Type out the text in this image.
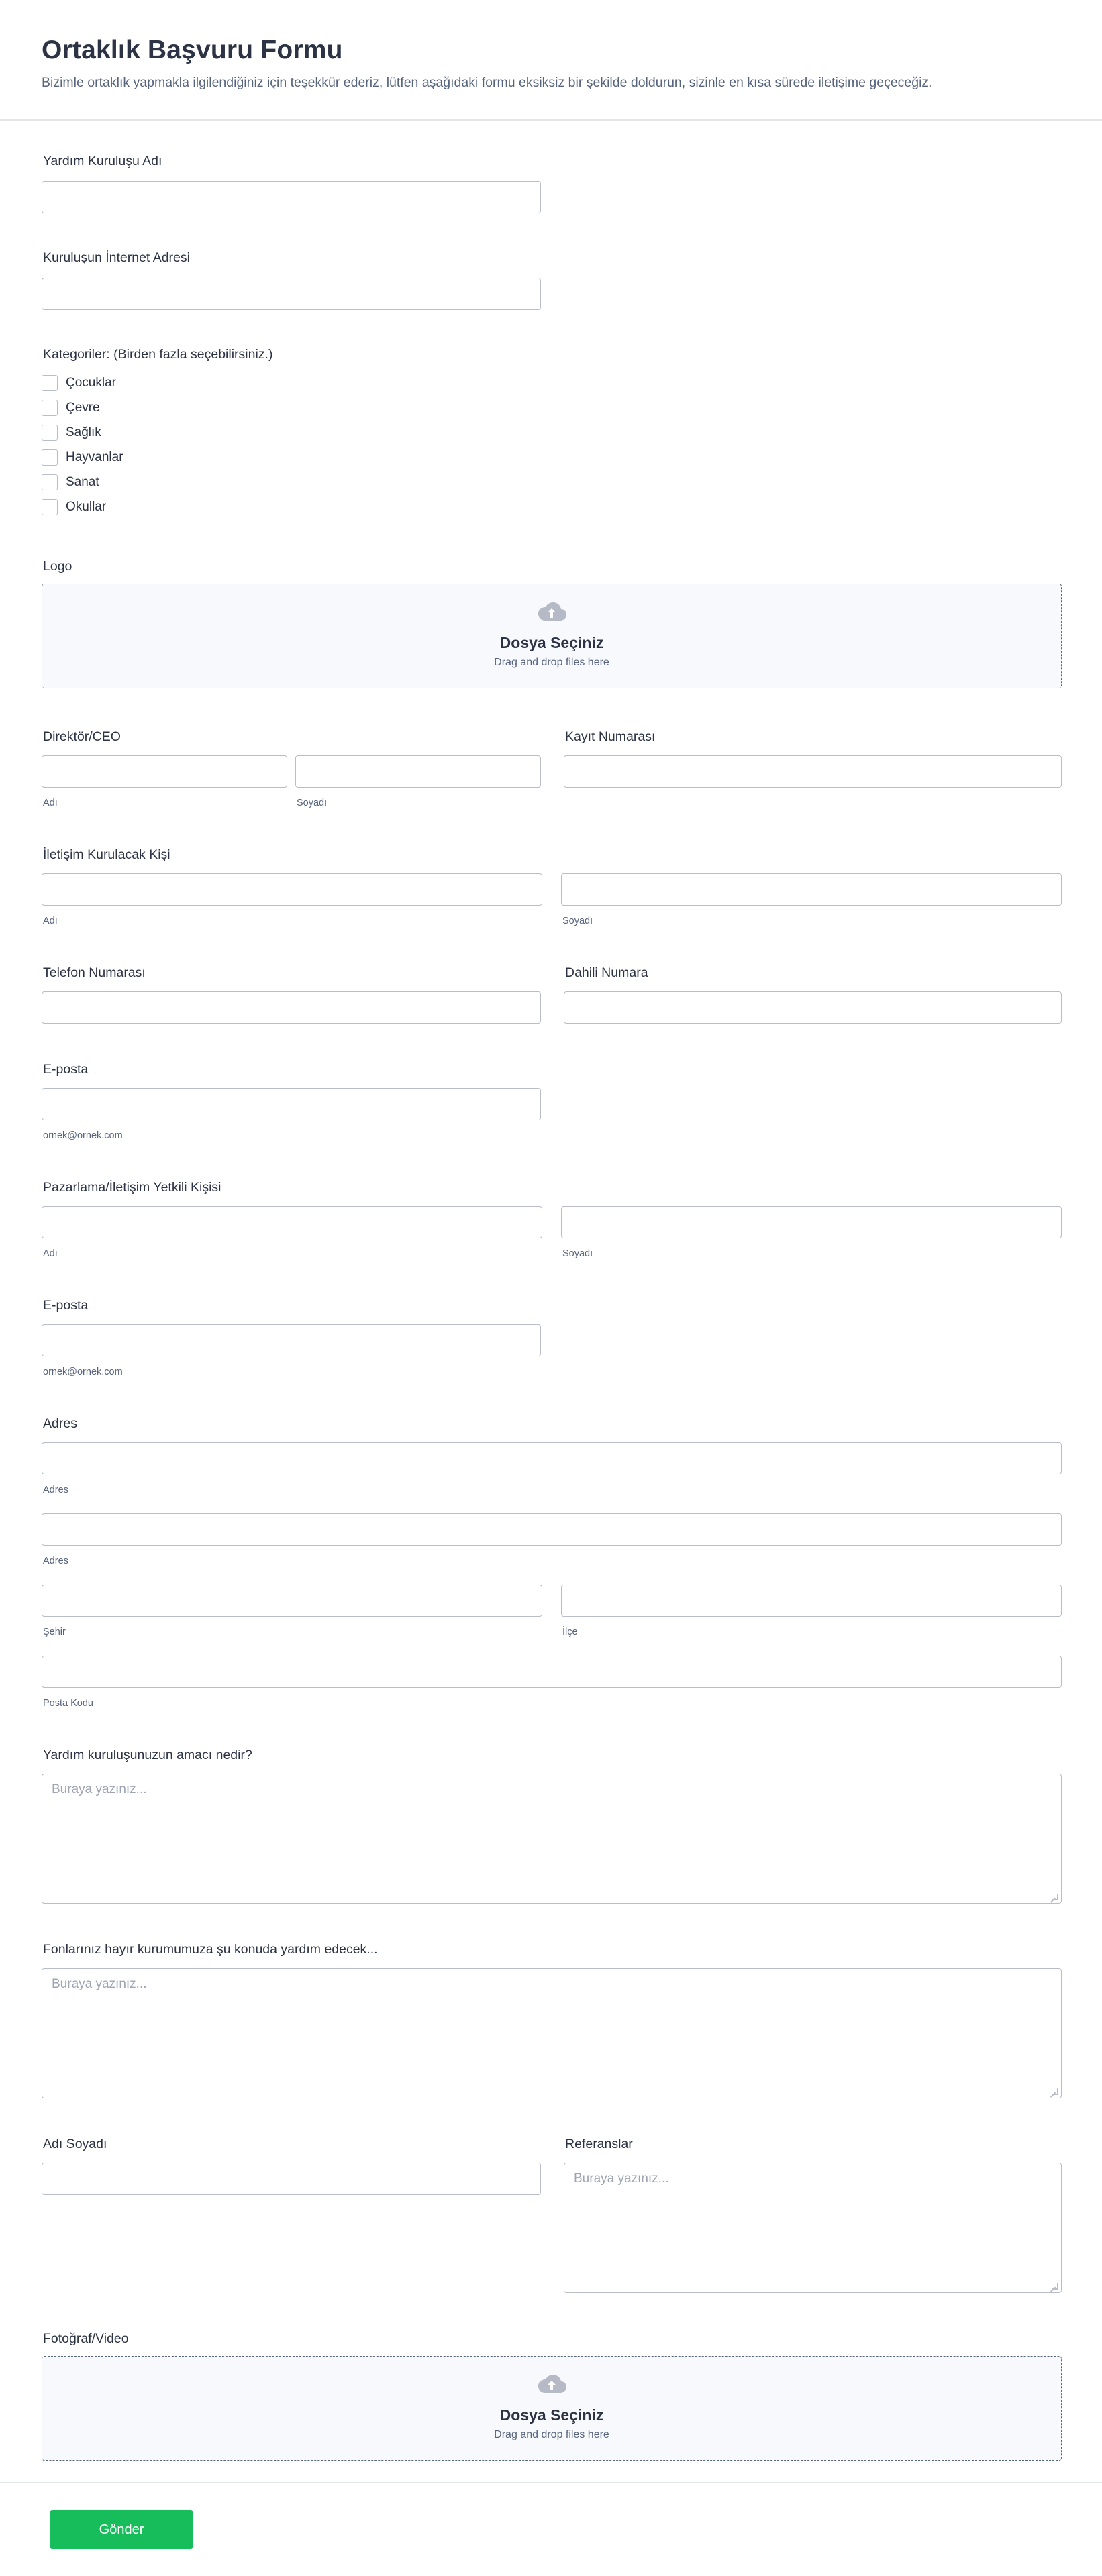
Ortaklık Başvuru Formu

Bizimle ortaklık yapmakla ilgilendiğiniz için teşekkür ederiz, lütfen aşağıdaki formu eksiksiz bir şekilde doldurun, sizinle en kısa sürede iletişime geçeceğiz.

Yardım Kuruluşu Adı
Kuruluşun İnternet Adresi
Kategoriler: (Birden fazla seçebilirsiniz.)
Çocuklar
Çevre
Sağlık
Hayvanlar
Sanat
Okullar
Logo
Dosya Seçiniz
Drag and drop files here
Direktör/CEO
Adı	Soyadı
Kayıt Numarası
İletişim Kurulacak Kişi
Adı	Soyadı
Telefon Numarası	Dahili Numara
E-posta
ornek@ornek.com
Pazarlama/İletişim Yetkili Kişisi
Adı	Soyadı
E-posta
ornek@ornek.com
Adres
Adres
Adres
Şehir	İlçe
Posta Kodu
Yardım kuruluşunuzun amacı nedir?
Buraya yazınız...
Fonlarınız hayır kurumumuza şu konuda yardım edecek...
Buraya yazınız...
Adı Soyadı	Referanslar
Buraya yazınız...
Fotoğraf/Video
Dosya Seçiniz
Drag and drop files here
Gönder
